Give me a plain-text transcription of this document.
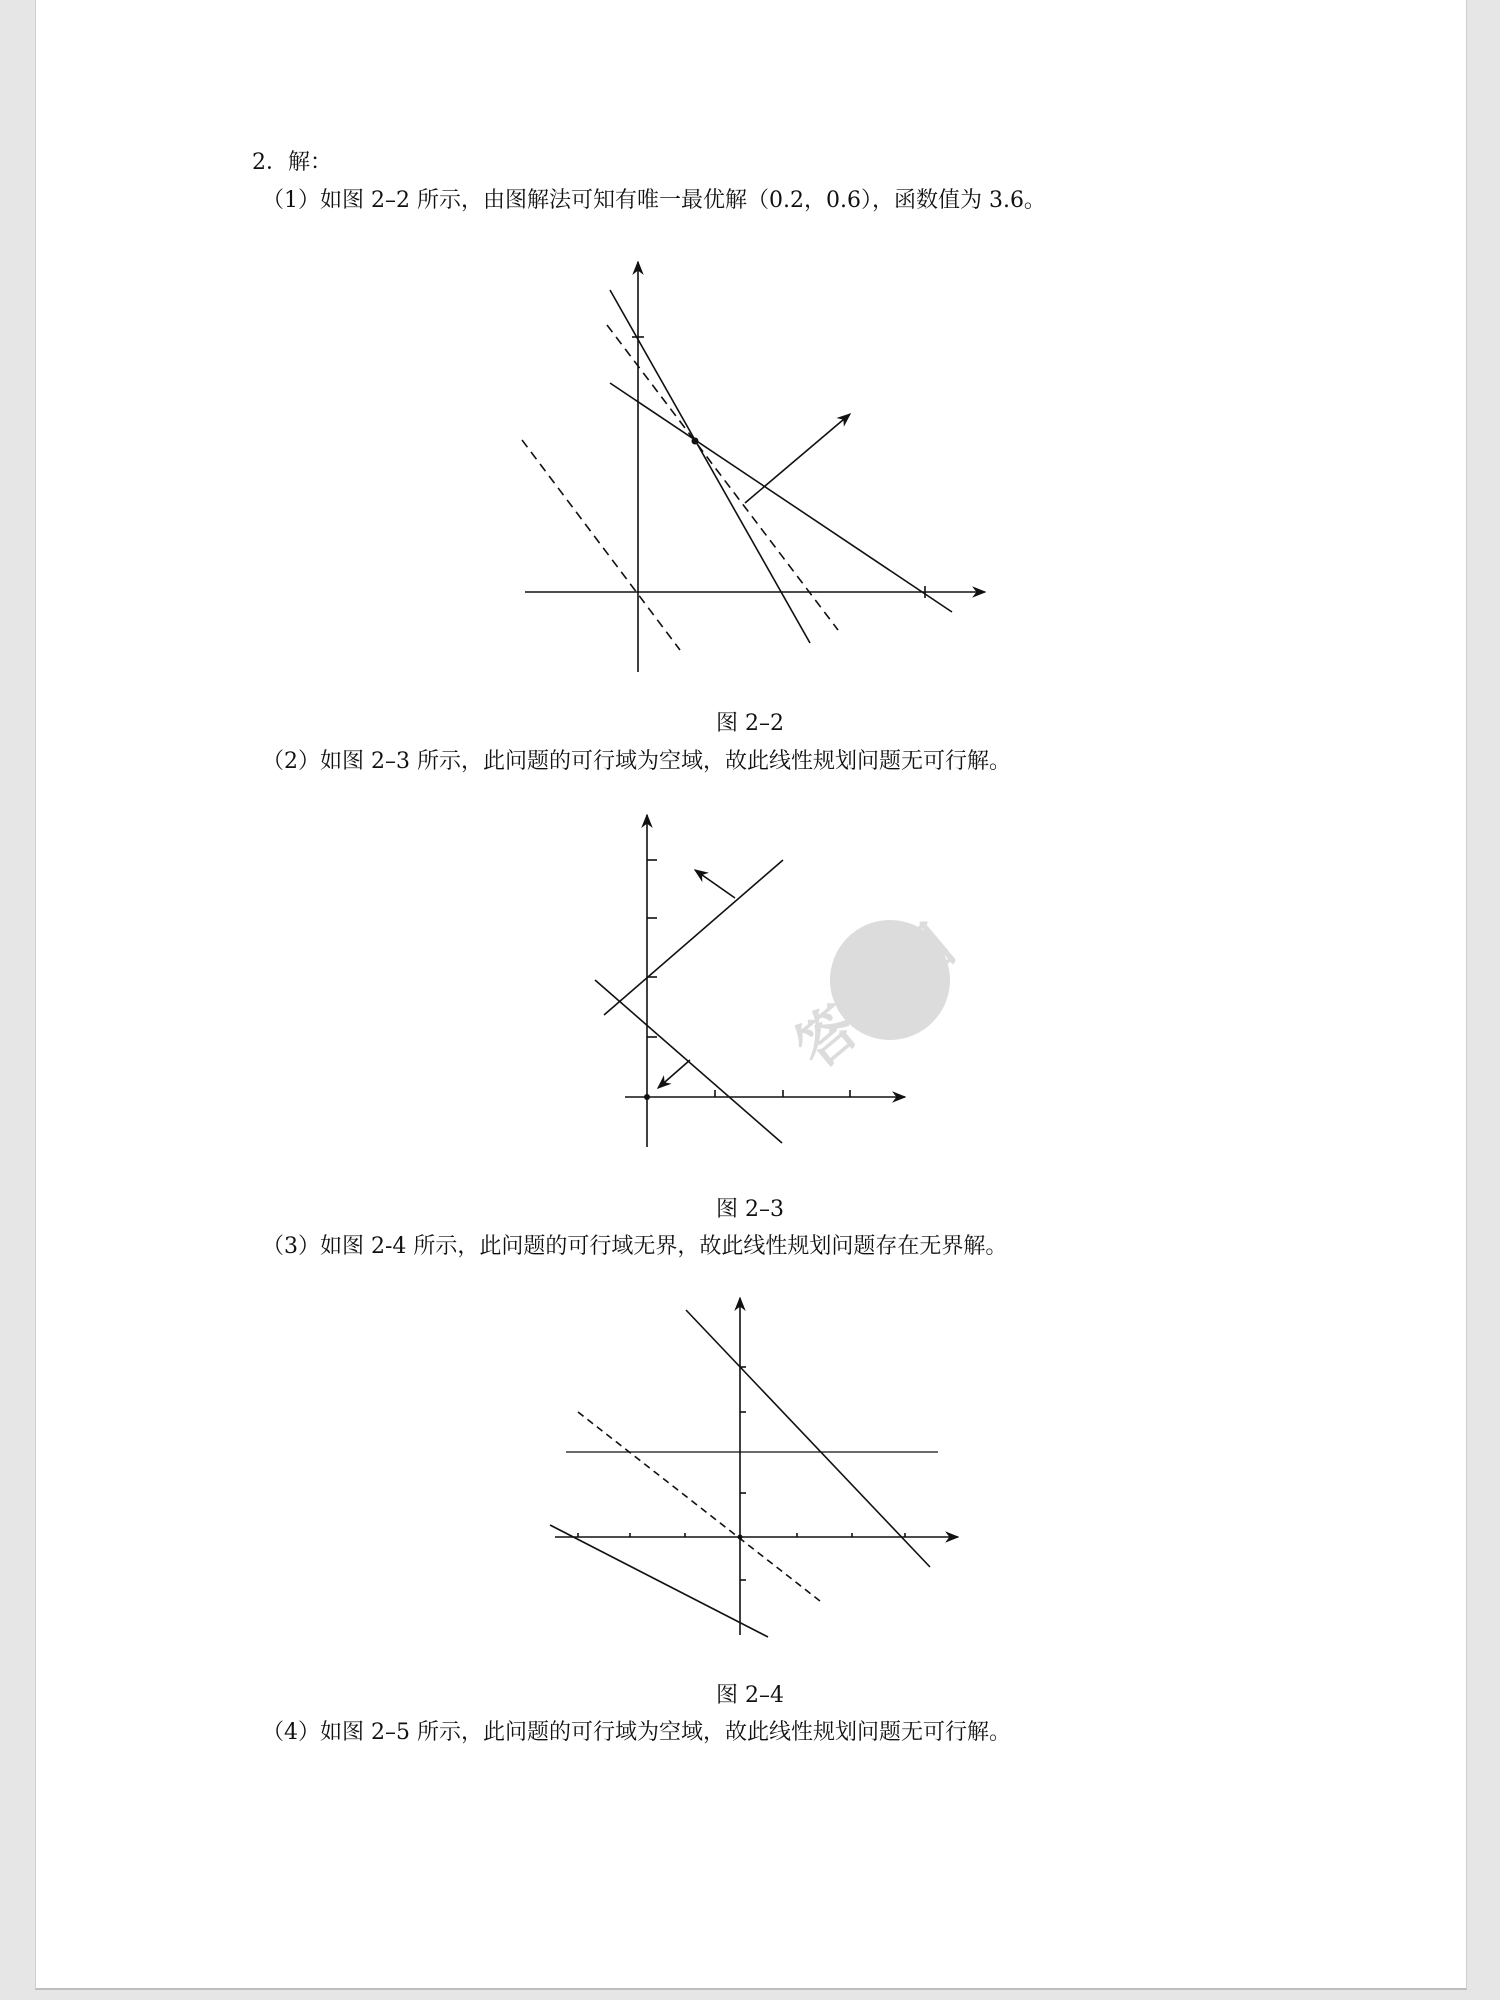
2．解：
（1）如图 2–2 所示，由图解法可知有唯一最优解（0.2，0.6），函数值为 3.6。
图 2–2
（2）如图 2–3 所示，此问题的可行域为空域，故此线性规划问题无可行解。
答案圈
图 2–3
（3）如图 2-4 所示，此问题的可行域无界，故此线性规划问题存在无界解。
图 2–4
（4）如图 2–5 所示，此问题的可行域为空域，故此线性规划问题无可行解。
